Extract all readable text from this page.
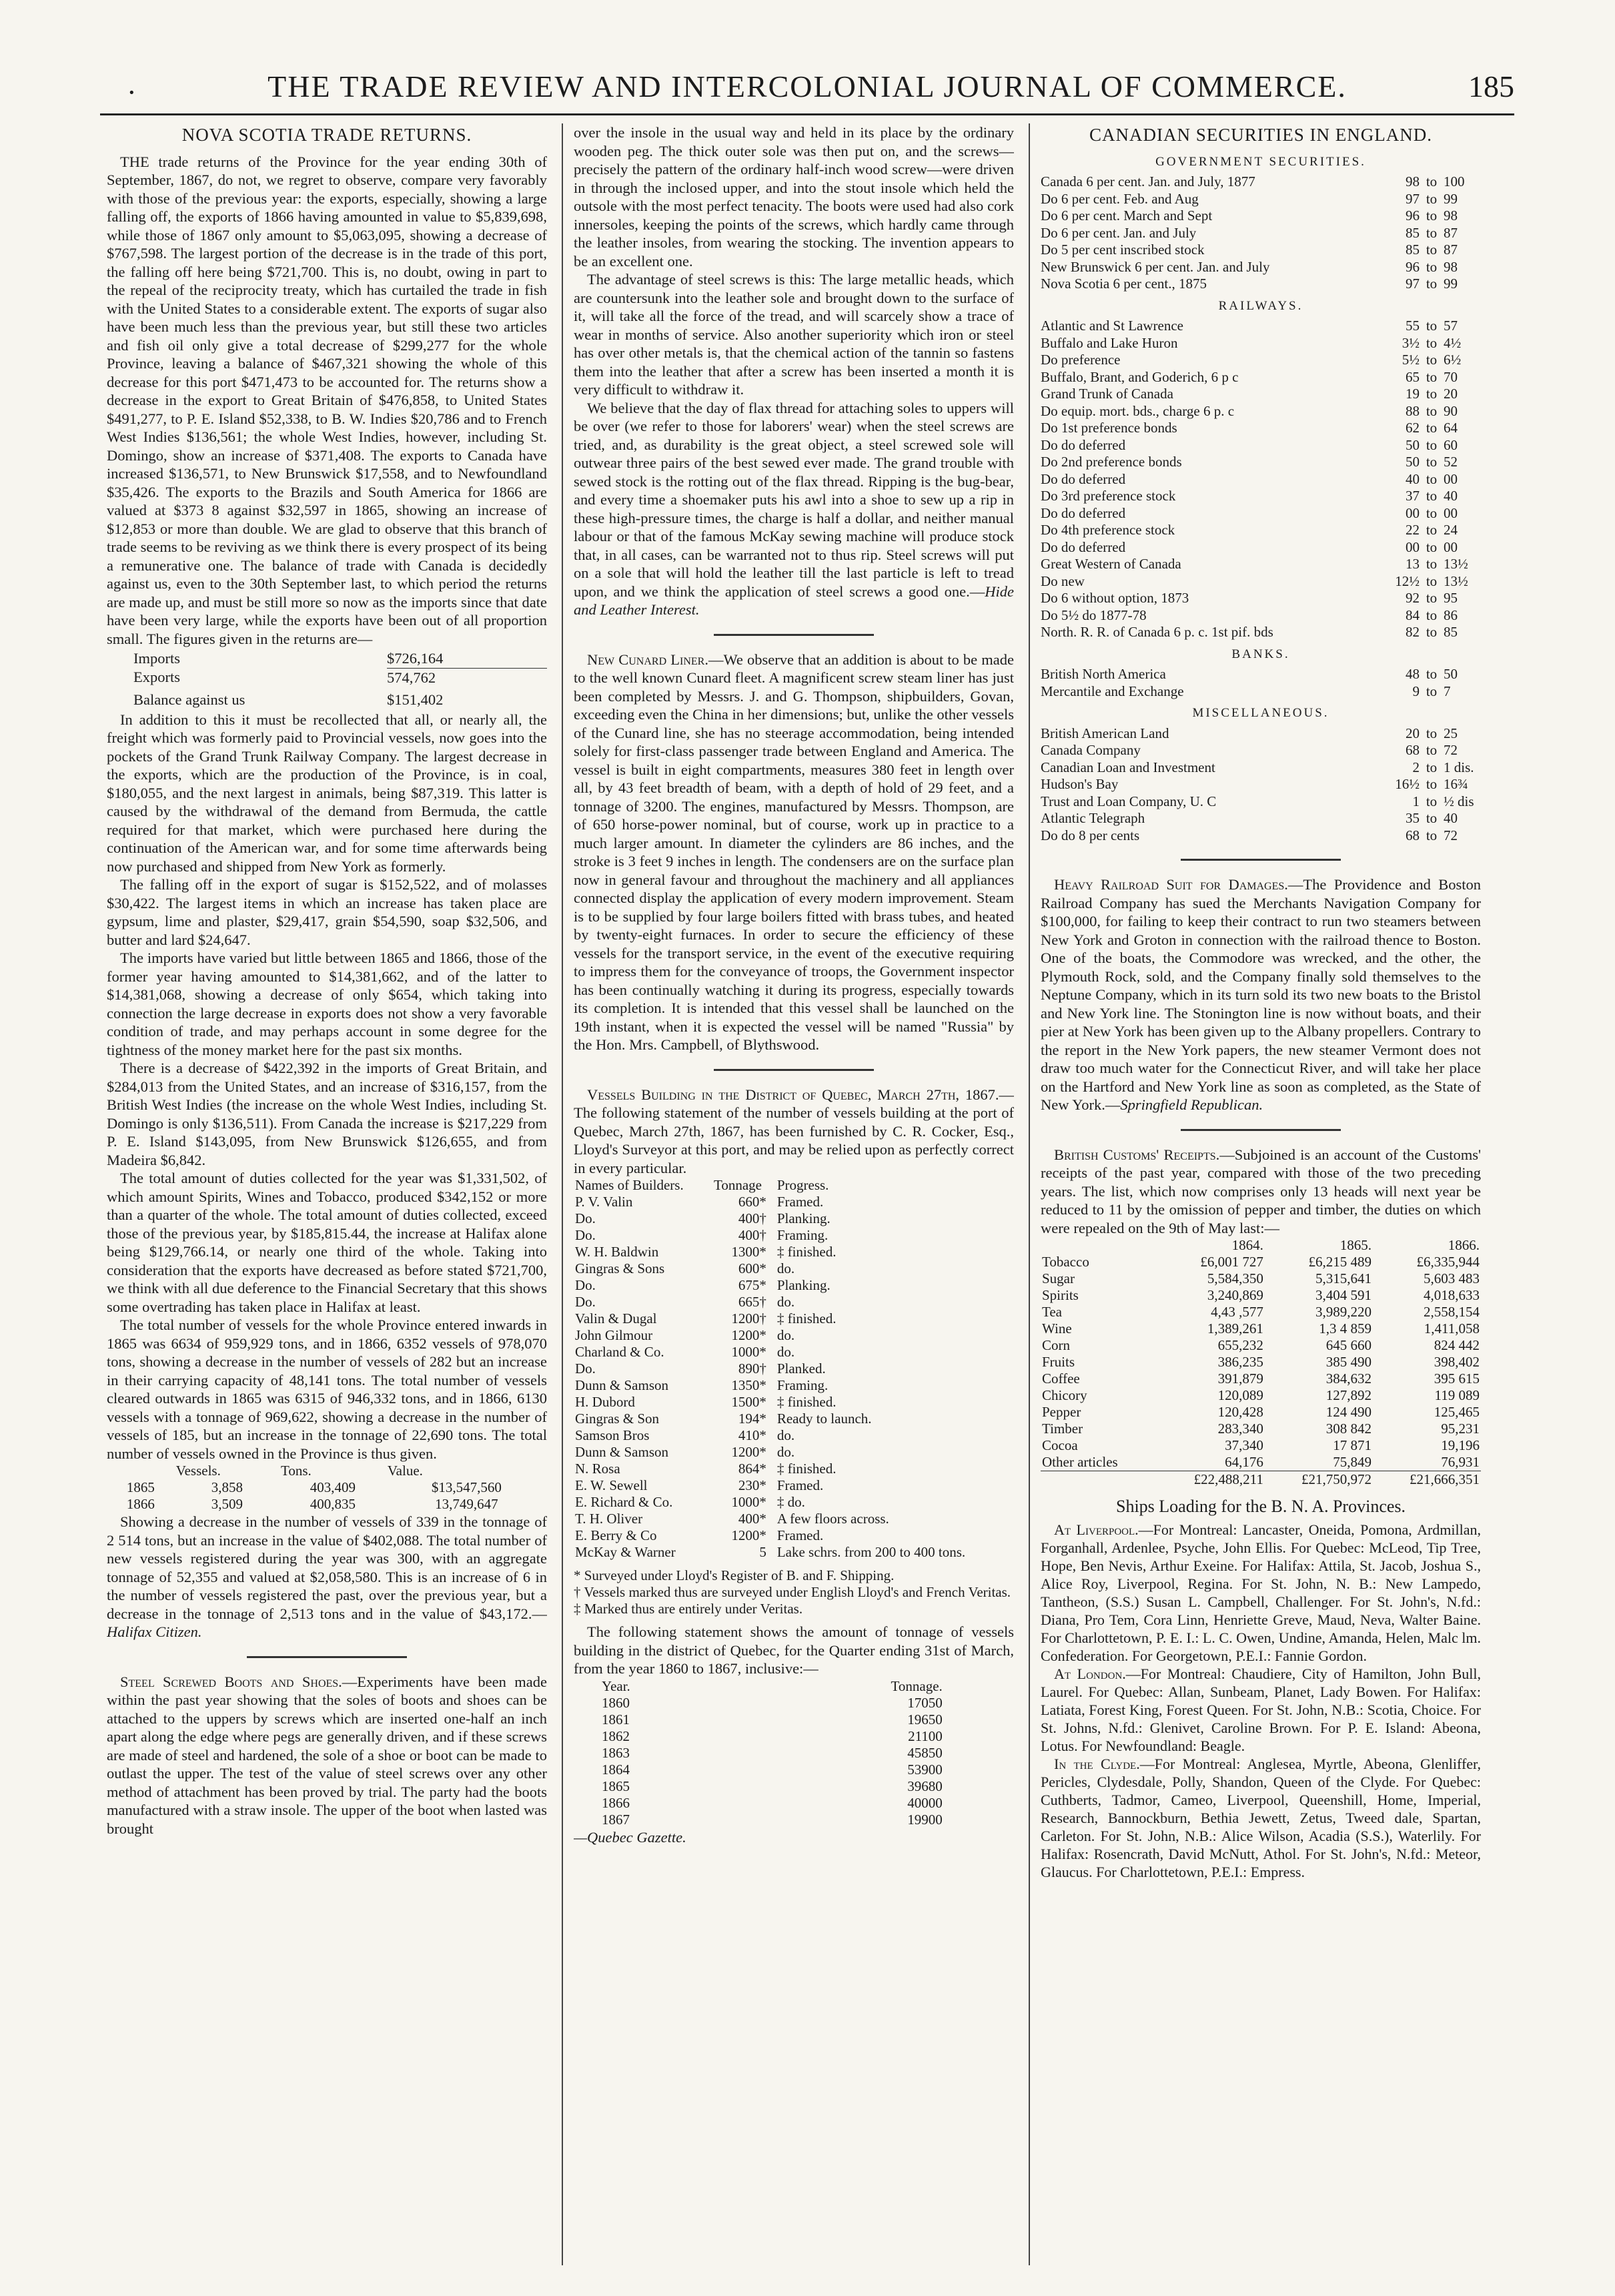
·	THE TRADE REVIEW AND INTERCOLONIAL JOURNAL OF COMMERCE.	185
NOVA SCOTIA TRADE RETURNS.

THE trade returns of the Province for the year ending 30th of September, 1867, do not, we regret to observe, compare very favorably with those of the previous year: the exports, especially, showing a large falling off, the exports of 1866 having amounted in value to $5,839,698, while those of 1867 only amount to $5,063,095, showing a decrease of $767,598. The largest portion of the decrease is in the trade of this port, the falling off here being $721,700. This is, no doubt, owing in part to the repeal of the reciprocity treaty, which has curtailed the trade in fish with the United States to a considerable extent. The exports of sugar also have been much less than the previous year, but still these two articles and fish oil only give a total decrease of $299,277 for the whole Province, leaving a balance of $467,321 showing the whole of this decrease for this port $471,473 to be accounted for. The returns show a decrease in the export to Great Britain of $476,858, to United States $491,277, to P. E. Island $52,338, to B. W. Indies $20,786 and to French West Indies $136,561; the whole West Indies, however, including St. Domingo, show an increase of $371,408. The exports to Canada have increased $136,571, to New Brunswick $17,558, and to Newfoundland $35,426. The exports to the Brazils and South America for 1866 are valued at $373 8 against $32,597 in 1865, showing an increase of $12,853 or more than double. We are glad to observe that this branch of trade seems to be reviving as we think there is every prospect of its being a remunerative one. The balance of trade with Canada is decidedly against us, even to the 30th September last, to which period the returns are made up, and must be still more so now as the imports since that date have been very large, while the exports have been out of all proportion small. The figures given in the returns are—

Imports	$726,164
Exports	574,762
Balance against us	$151,402

In addition to this it must be recollected that all, or nearly all, the freight which was formerly paid to Provincial vessels, now goes into the pockets of the Grand Trunk Railway Company. The largest decrease in the exports, which are the production of the Province, is in coal, $180,055, and the next largest in animals, being $87,319. This latter is caused by the withdrawal of the demand from Bermuda, the cattle required for that market, which were purchased here during the continuation of the American war, and for some time afterwards being now purchased and shipped from New York as formerly.

The falling off in the export of sugar is $152,522, and of molasses $30,422. The largest items in which an increase has taken place are gypsum, lime and plaster, $29,417, grain $54,590, soap $32,506, and butter and lard $24,647.

The imports have varied but little between 1865 and 1866, those of the former year having amounted to $14,381,662, and of the latter to $14,381,068, showing a decrease of only $654, which taking into connection the large decrease in exports does not show a very favorable condition of trade, and may perhaps account in some degree for the tightness of the money market here for the past six months.

There is a decrease of $422,392 in the imports of Great Britain, and $284,013 from the United States, and an increase of $316,157, from the British West Indies (the increase on the whole West Indies, including St. Domingo is only $136,511). From Canada the increase is $217,229 from P. E. Island $143,095, from New Brunswick $126,655, and from Madeira $6,842.

The total amount of duties collected for the year was $1,331,502, of which amount Spirits, Wines and Tobacco, produced $342,152 or more than a quarter of the whole. The total amount of duties collected, exceed those of the previous year, by $185,815.44, the increase at Halifax alone being $129,766.14, or nearly one third of the whole. Taking into consideration that the exports have decreased as before stated $721,700, we think with all due deference to the Financial Secretary that this shows some overtrading has taken place in Halifax at least.

The total number of vessels for the whole Province entered inwards in 1865 was 6634 of 959,929 tons, and in 1866, 6352 vessels of 978,070 tons, showing a decrease in the number of vessels of 282 but an increase in their carrying capacity of 48,141 tons. The total number of vessels cleared outwards in 1865 was 6315 of 946,332 tons, and in 1866, 6130 vessels with a tonnage of 969,622, showing a decrease in the number of vessels of 185, but an increase in the tonnage of 22,690 tons. The total number of vessels owned in the Province is thus given.

	Vessels.	Tons.	Value.
1865	3,858	403,409	$13,547,560
1866	3,509	400,835	13,749,647

Showing a decrease in the number of vessels of 339 in the tonnage of 2 514 tons, but an increase in the value of $402,088. The total number of new vessels registered during the year was 300, with an aggregate tonnage of 52,355 and valued at $2,058,580. This is an increase of 6 in the number of vessels registered the past, over the previous year, but a decrease in the tonnage of 2,513 tons and in the value of $43,172.—Halifax Citizen.

Steel Screwed Boots and Shoes.—Experiments have been made within the past year showing that the soles of boots and shoes can be attached to the uppers by screws which are inserted one-half an inch apart along the edge where pegs are generally driven, and if these screws are made of steel and hardened, the sole of a shoe or boot can be made to outlast the upper. The test of the value of steel screws over any other method of attachment has been proved by trial. The party had the boots manufactured with a straw insole. The upper of the boot when lasted was brought

over the insole in the usual way and held in its place by the ordinary wooden peg. The thick outer sole was then put on, and the screws—precisely the pattern of the ordinary half-inch wood screw—were driven in through the inclosed upper, and into the stout insole which held the outsole with the most perfect tenacity. The boots were used had also cork innersoles, keeping the points of the screws, which hardly came through the leather insoles, from wearing the stocking. The invention appears to be an excellent one.

The advantage of steel screws is this: The large metallic heads, which are countersunk into the leather sole and brought down to the surface of it, will take all the force of the tread, and will scarcely show a trace of wear in months of service. Also another superiority which iron or steel has over other metals is, that the chemical action of the tannin so fastens them into the leather that after a screw has been inserted a month it is very difficult to withdraw it.

We believe that the day of flax thread for attaching soles to uppers will be over (we refer to those for laborers' wear) when the steel screws are tried, and, as durability is the great object, a steel screwed sole will outwear three pairs of the best sewed ever made. The grand trouble with sewed stock is the rotting out of the flax thread. Ripping is the bug-bear, and every time a shoemaker puts his awl into a shoe to sew up a rip in these high-pressure times, the charge is half a dollar, and neither manual labour or that of the famous McKay sewing machine will produce stock that, in all cases, can be warranted not to thus rip. Steel screws will put on a sole that will hold the leather till the last particle is left to tread upon, and we think the application of steel screws a good one.—Hide and Leather Interest.

New Cunard Liner.—We observe that an addition is about to be made to the well known Cunard fleet. A magnificent screw steam liner has just been completed by Messrs. J. and G. Thompson, shipbuilders, Govan, exceeding even the China in her dimensions; but, unlike the other vessels of the Cunard line, she has no steerage accommodation, being intended solely for first-class passenger trade between England and America. The vessel is built in eight compartments, measures 380 feet in length over all, by 43 feet breadth of beam, with a depth of hold of 29 feet, and a tonnage of 3200. The engines, manufactured by Messrs. Thompson, are of 650 horse-power nominal, but of course, work up in practice to a much larger amount. In diameter the cylinders are 86 inches, and the stroke is 3 feet 9 inches in length. The condensers are on the surface plan now in general favour and throughout the machinery and all appliances connected display the application of every modern improvement. Steam is to be supplied by four large boilers fitted with brass tubes, and heated by twenty-eight furnaces. In order to secure the efficiency of these vessels for the transport service, in the event of the executive requiring to impress them for the conveyance of troops, the Government inspector has been continually watching it during its progress, especially towards its completion. It is intended that this vessel shall be launched on the 19th instant, when it is expected the vessel will be named "Russia" by the Hon. Mrs. Campbell, of Blythswood.

Vessels Building in the District of Quebec, March 27th, 1867.—The following statement of the number of vessels building at the port of Quebec, March 27th, 1867, has been furnished by C. R. Cocker, Esq., Lloyd's Surveyor at this port, and may be relied upon as perfectly correct in every particular.

Names of Builders.	Tonnage	Progress.
P. V. Valin	660*	Framed.
Do.	400†	Planking.
Do.	400†	Framing.
W. H. Baldwin	1300*	‡ finished.
Gingras & Sons	600*	do.
Do.	675*	Planking.
Do.	665†	do.
Valin & Dugal	1200†	‡ finished.
John Gilmour	1200*	do.
Charland & Co.	1000*	do.
Do.	890†	Planked.
Dunn & Samson	1350*	Framing.
H. Dubord	1500*	‡ finished.
Gingras & Son	194*	Ready to launch.
Samson Bros	410*	do.
Dunn & Samson	1200*	do.
N. Rosa	864*	‡ finished.
E. W. Sewell	230*	Framed.
E. Richard & Co.	1000*	‡ do.
T. H. Oliver	400*	A few floors across.
E. Berry & Co	1200*	Framed.
McKay & Warner	5	Lake schrs. from 200 to 400 tons.

* Surveyed under Lloyd's Register of B. and F. Shipping.

† Vessels marked thus are surveyed under English Lloyd's and French Veritas.

‡ Marked thus are entirely under Veritas.

The following statement shows the amount of tonnage of vessels building in the district of Quebec, for the Quarter ending 31st of March, from the year 1860 to 1867, inclusive:—

Year.	Tonnage.
1860	17050
1861	19650
1862	21100
1863	45850
1864	53900
1865	39680
1866	40000
1867	19900

—Quebec Gazette.

CANADIAN SECURITIES IN ENGLAND.
GOVERNMENT SECURITIES.
Canada 6 per cent. Jan. and July, 1877	98 to 100
Do 6 per cent. Feb. and Aug	97 to 99
Do 6 per cent. March and Sept	96 to 98
Do 6 per cent. Jan. and July	85 to 87
Do 5 per cent inscribed stock	85 to 87
New Brunswick 6 per cent. Jan. and July	96 to 98
Nova Scotia 6 per cent., 1875	97 to 99
RAILWAYS.
Atlantic and St Lawrence	55 to 57
Buffalo and Lake Huron	3½ to 4½
Do preference	5½ to 6½
Buffalo, Brant, and Goderich, 6 p c	65 to 70
Grand Trunk of Canada	19 to 20
Do equip. mort. bds., charge 6 p. c	88 to 90
Do 1st preference bonds	62 to 64
Do do deferred	50 to 60
Do 2nd preference bonds	50 to 52
Do do deferred	40 to 00
Do 3rd preference stock	37 to 40
Do do deferred	00 to 00
Do 4th preference stock	22 to 24
Do do deferred	00 to 00
Great Western of Canada	13 to 13½
Do new	12½ to 13½
Do 6 without option, 1873	92 to 95
Do 5½ do 1877-78	84 to 86
North. R. R. of Canada 6 p. c. 1st pif. bds	82 to 85
BANKS.
British North America	48 to 50
Mercantile and Exchange	9 to 7
MISCELLANEOUS.
British American Land	20 to 25
Canada Company	68 to 72
Canadian Loan and Investment	2 to 1 dis.
Hudson's Bay	16½ to 16¾
Trust and Loan Company, U. C	1 to ½ dis
Atlantic Telegraph	35 to 40
Do do 8 per cents	68 to 72

Heavy Railroad Suit for Damages.—The Providence and Boston Railroad Company has sued the Merchants Navigation Company for $100,000, for failing to keep their contract to run two steamers between New York and Groton in connection with the railroad thence to Boston. One of the boats, the Commodore was wrecked, and the other, the Plymouth Rock, sold, and the Company finally sold themselves to the Neptune Company, which in its turn sold its two new boats to the Bristol and New York line. The Stonington line is now without boats, and their pier at New York has been given up to the Albany propellers. Contrary to the report in the New York papers, the new steamer Vermont does not draw too much water for the Connecticut River, and will take her place on the Hartford and New York line as soon as completed, as the State of New York.—Springfield Republican.

British Customs' Receipts.—Subjoined is an account of the Customs' receipts of the past year, compared with those of the two preceding years. The list, which now comprises only 13 heads will next year be reduced to 11 by the omission of pepper and timber, the duties on which were repealed on the 9th of May last:—

	1864.	1865.	1866.
Tobacco	£6,001 727	£6,215 489	£6,335,944
Sugar	5,584,350	5,315,641	5,603 483
Spirits	3,240,869	3,404 591	4,018,633
Tea	4,43 ,577	3,989,220	2,558,154
Wine	1,389,261	1,3 4 859	1,411,058
Corn	655,232	645 660	824 442
Fruits	386,235	385 490	398,402
Coffee	391,879	384,632	395 615
Chicory	120,089	127,892	119 089
Pepper	120,428	124 490	125,465
Timber	283,340	308 842	95,231
Cocoa	37,340	17 871	19,196
Other articles	64,176	75,849	76,931
	£22,488,211	£21,750,972	£21,666,351
Ships Loading for the B. N. A. Provinces.

At Liverpool.—For Montreal: Lancaster, Oneida, Pomona, Ardmillan, Forganhall, Ardenlee, Psyche, John Ellis. For Quebec: McLeod, Tip Tree, Hope, Ben Nevis, Arthur Exeine. For Halifax: Attila, St. Jacob, Joshua S., Alice Roy, Liverpool, Regina. For St. John, N. B.: New Lampedo, Tantheon, (S.S.) Susan L. Campbell, Challenger. For St. John's, N.fd.: Diana, Pro Tem, Cora Linn, Henriette Greve, Maud, Neva, Walter Baine. For Charlottetown, P. E. I.: L. C. Owen, Undine, Amanda, Helen, Malc lm. Confederation. For Georgetown, P.E.I.: Fannie Gordon.

At London.—For Montreal: Chaudiere, City of Hamilton, John Bull, Laurel. For Quebec: Allan, Sunbeam, Planet, Lady Bowen. For Halifax: Latiata, Forest King, Forest Queen. For St. John, N.B.: Scotia, Choice. For St. Johns, N.fd.: Glenivet, Caroline Brown. For P. E. Island: Abeona, Lotus. For Newfoundland: Beagle.

In the Clyde.—For Montreal: Anglesea, Myrtle, Abeona, Glenliffer, Pericles, Clydesdale, Polly, Shandon, Queen of the Clyde. For Quebec: Cuthberts, Tadmor, Cameo, Liverpool, Queenshill, Home, Imperial, Research, Bannockburn, Bethia Jewett, Zetus, Tweed dale, Spartan, Carleton. For St. John, N.B.: Alice Wilson, Acadia (S.S.), Waterlily. For Halifax: Rosencrath, David McNutt, Athol. For St. John's, N.fd.: Meteor, Glaucus. For Charlottetown, P.E.I.: Empress.
